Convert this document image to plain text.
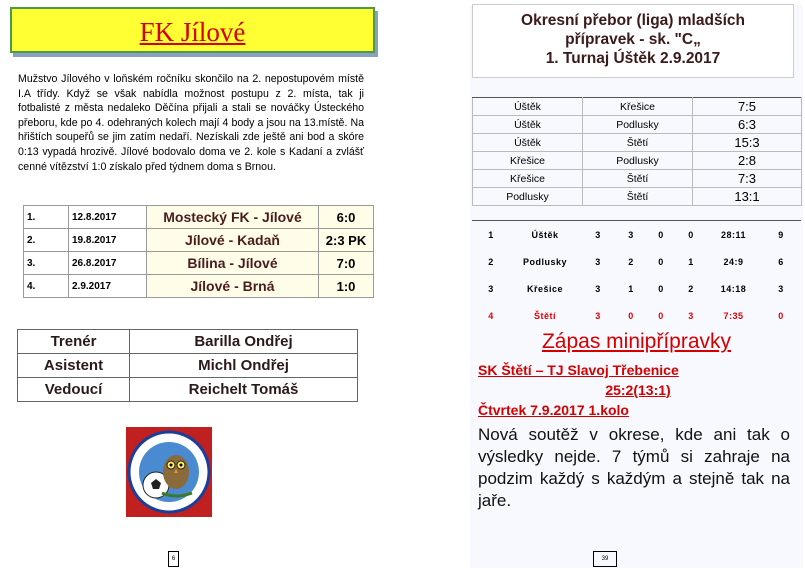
FK Jílové
Mužstvo Jílového v loňském ročníku skončilo na 2. nepostupovém místě I.A třídy. Když se však nabídla možnost postupu z 2. místa, tak ji fotbalisté z města nedaleko Děčína přijali a stali se nováčky Ústeckého přeboru, kde po 4. odehraných kolech mají 4 body a jsou na 13.místě. Na hřištích soupeřů se jim zatím nedaří. Nezískali zde ještě ani bod a skóre 0:13 vypadá hrozivě. Jílové bodovalo doma ve 2. kole s Kadaní a zvlášť cenné vítězství 1:0 získalo před týdnem doma s Brnou.
1.	12.8.2017	Mostecký FK - Jílové	6:0
2.	19.8.2017	Jílové - Kadaň	2:3 PK
3.	26.8.2017	Bílina - Jílové	7:0
4.	2.9.2017	Jílové - Brná	1:0
Trenér	Barilla Ondřej
Asistent	Michl Ondřej
Vedoucí	Reichelt Tomáš
6
Okresní přebor (liga) mladších
přípravek - sk. "C„
1. Turnaj Úštěk 2.9.2017
Úštěk	Křešice	7:5
Úštěk	Podlusky	6:3
Úštěk	Štětí	15:3
Křešice	Podlusky	2:8
Křešice	Štětí	7:3
Podlusky	Štětí	13:1
1	Úštěk	3	3	0	0	28:11	9
2	Podlusky	3	2	0	1	24:9	6
3	Křešice	3	1	0	2	14:18	3
4	Štětí	3	0	0	3	7:35	0
Zápas minipřípravky
SK Štětí – TJ Slavoj Třebenice
25:2(13:1)
Čtvrtek 7.9.2017 1.kolo
Nová soutěž v okrese, kde ani tak o výsledky nejde. 7 týmů si zahraje na podzim každý s každým a stejně tak na jaře.
39
